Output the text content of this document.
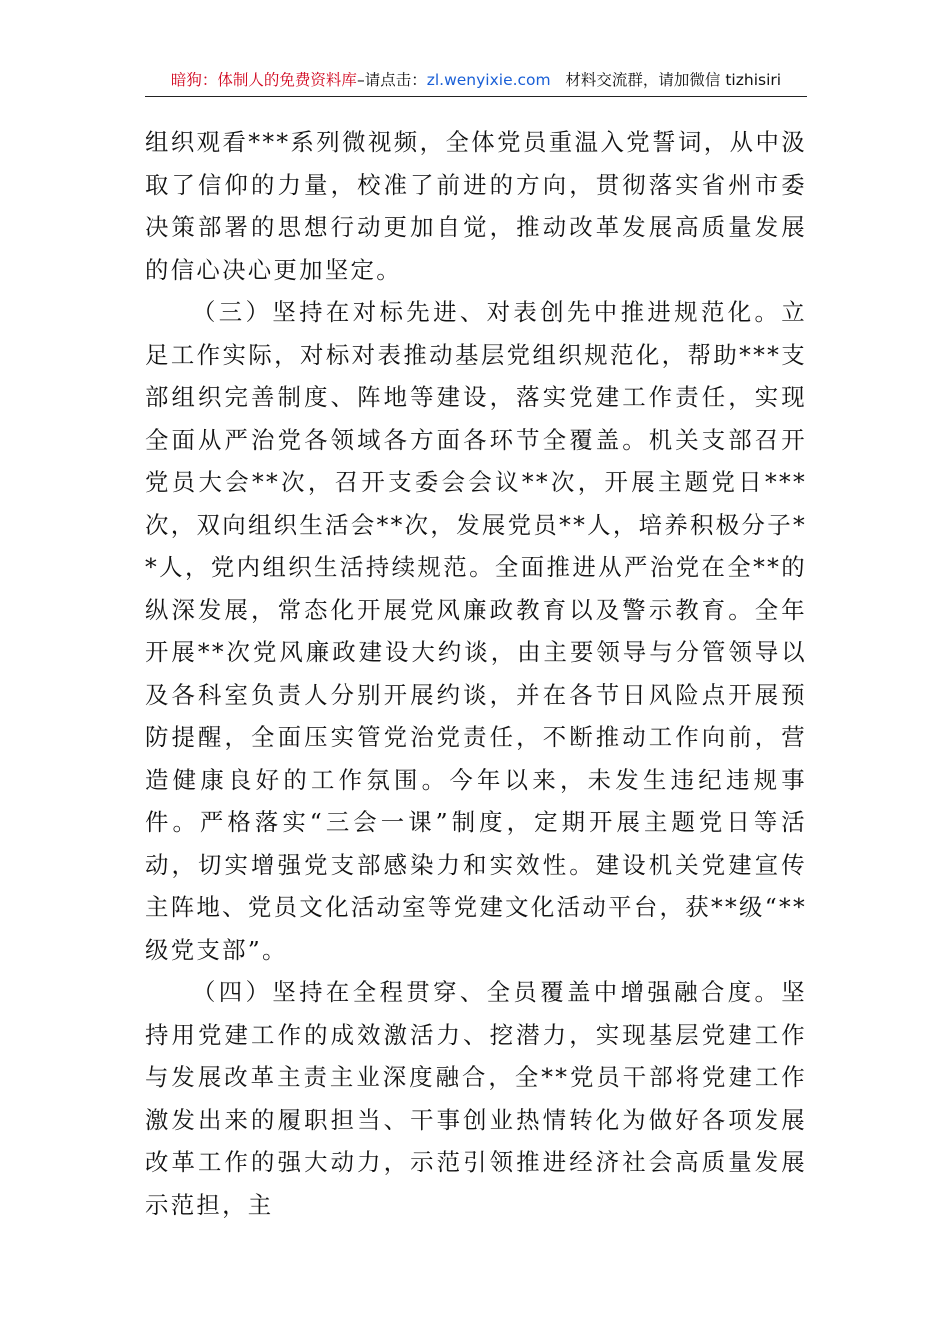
暗狗：体制人的免费资料库–请点击：zl.wenyixie.com 材料交流群，请加微信 tizhisiri

组织观看***系列微视频，全体党员重温入党誓词，从中汲取了信仰的力量，校准了前进的方向，贯彻落实省州市委决策部署的思想行动更加自觉，推动改革发展高质量发展的信心决心更加坚定。

（三）坚持在对标先进、对表创先中推进规范化。立足工作实际，对标对表推动基层党组织规范化，帮助***支部组织完善制度、阵地等建设，落实党建工作责任，实现全面从严治党各领域各方面各环节全覆盖。机关支部召开党员大会**次，召开支委会会议**次，开展主题党日***次，双向组织生活会**次，发展党员**人，培养积极分子**人，党内组织生活持续规范。全面推进从严治党在全**的纵深发展，常态化开展党风廉政教育以及警示教育。全年开展**次党风廉政建设大约谈，由主要领导与分管领导以及各科室负责人分别开展约谈，并在各节日风险点开展预防提醒，全面压实管党治党责任，不断推动工作向前，营造健康良好的工作氛围。今年以来，未发生违纪违规事件。严格落实“三会一课”制度，定期开展主题党日等活动，切实增强党支部感染力和实效性。建设机关党建宣传主阵地、党员文化活动室等党建文化活动平台，获**级“**级党支部”。

（四）坚持在全程贯穿、全员覆盖中增强融合度。坚持用党建工作的成效激活力、挖潜力，实现基层党建工作与发展改革主责主业深度融合，全**党员干部将党建工作激发出来的履职担当、干事创业热情转化为做好各项发展改革工作的强大动力，示范引领推进经济社会高质量发展示范担，主
